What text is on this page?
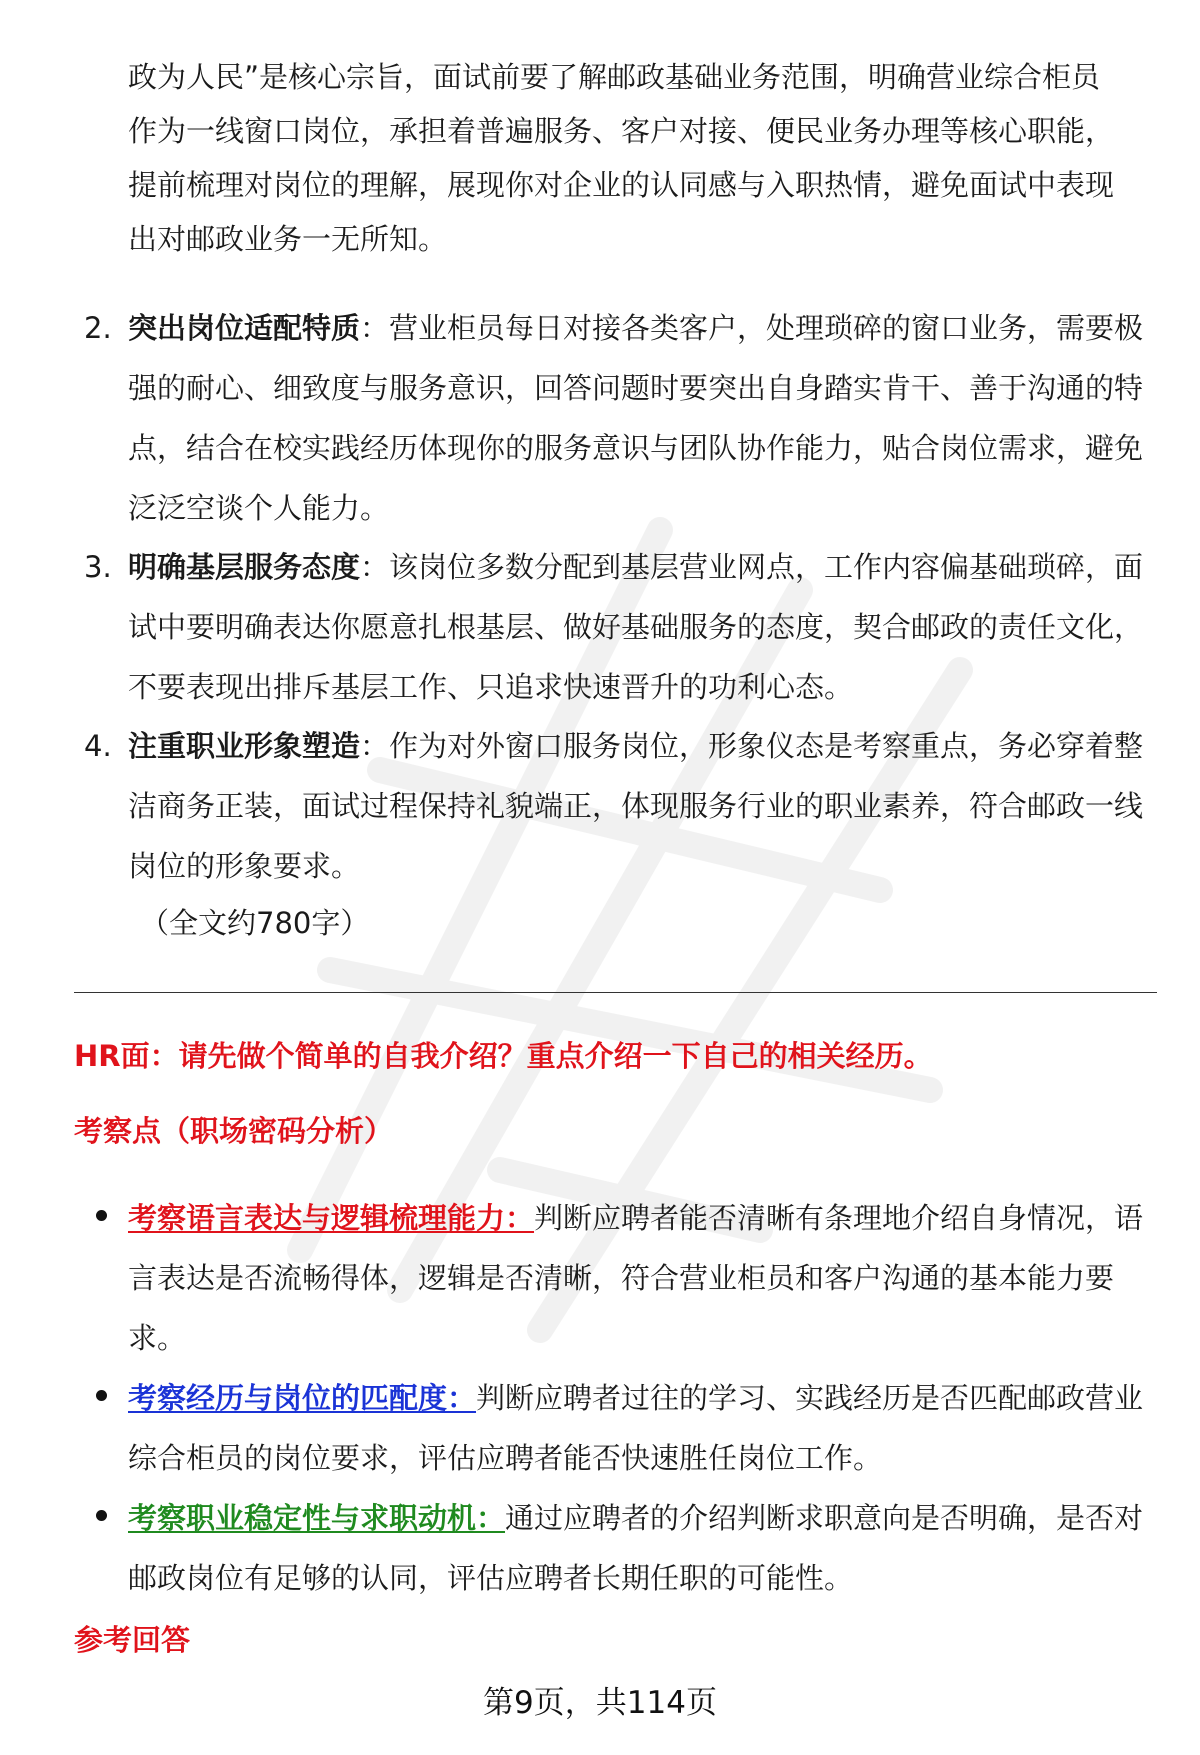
政为人民”是核心宗旨，面试前要了解邮政基础业务范围，明确营业综合柜员
作为一线窗口岗位，承担着普遍服务、客户对接、便民业务办理等核心职能，
提前梳理对岗位的理解，展现你对企业的认同感与入职热情，避免面试中表现
出对邮政业务一无所知。
2. 突出岗位适配特质：营业柜员每日对接各类客户，处理琐碎的窗口业务，需要极强的耐心、细致度与服务意识，回答问题时要突出自身踏实肯干、善于沟通的特点，结合在校实践经历体现你的服务意识与团队协作能力，贴合岗位需求，避免泛泛空谈个人能力。
3. 明确基层服务态度：该岗位多数分配到基层营业网点，工作内容偏基础琐碎，面试中要明确表达你愿意扎根基层、做好基础服务的态度，契合邮政的责任文化，不要表现出排斥基层工作、只追求快速晋升的功利心态。
4. 注重职业形象塑造：作为对外窗口服务岗位，形象仪态是考察重点，务必穿着整洁商务正装，面试过程保持礼貌端正，体现服务行业的职业素养，符合邮政一线岗位的形象要求。
（全文约780字）
HR面：请先做个简单的自我介绍？重点介绍一下自己的相关经历。
考察点（职场密码分析）
考察语言表达与逻辑梳理能力：判断应聘者能否清晰有条理地介绍自身情况，语言表达是否流畅得体，逻辑是否清晰，符合营业柜员和客户沟通的基本能力要求。
考察经历与岗位的匹配度：判断应聘者过往的学习、实践经历是否匹配邮政营业综合柜员的岗位要求，评估应聘者能否快速胜任岗位工作。
考察职业稳定性与求职动机：通过应聘者的介绍判断求职意向是否明确，是否对邮政岗位有足够的认同，评估应聘者长期任职的可能性。
参考回答
第9页，共114页
